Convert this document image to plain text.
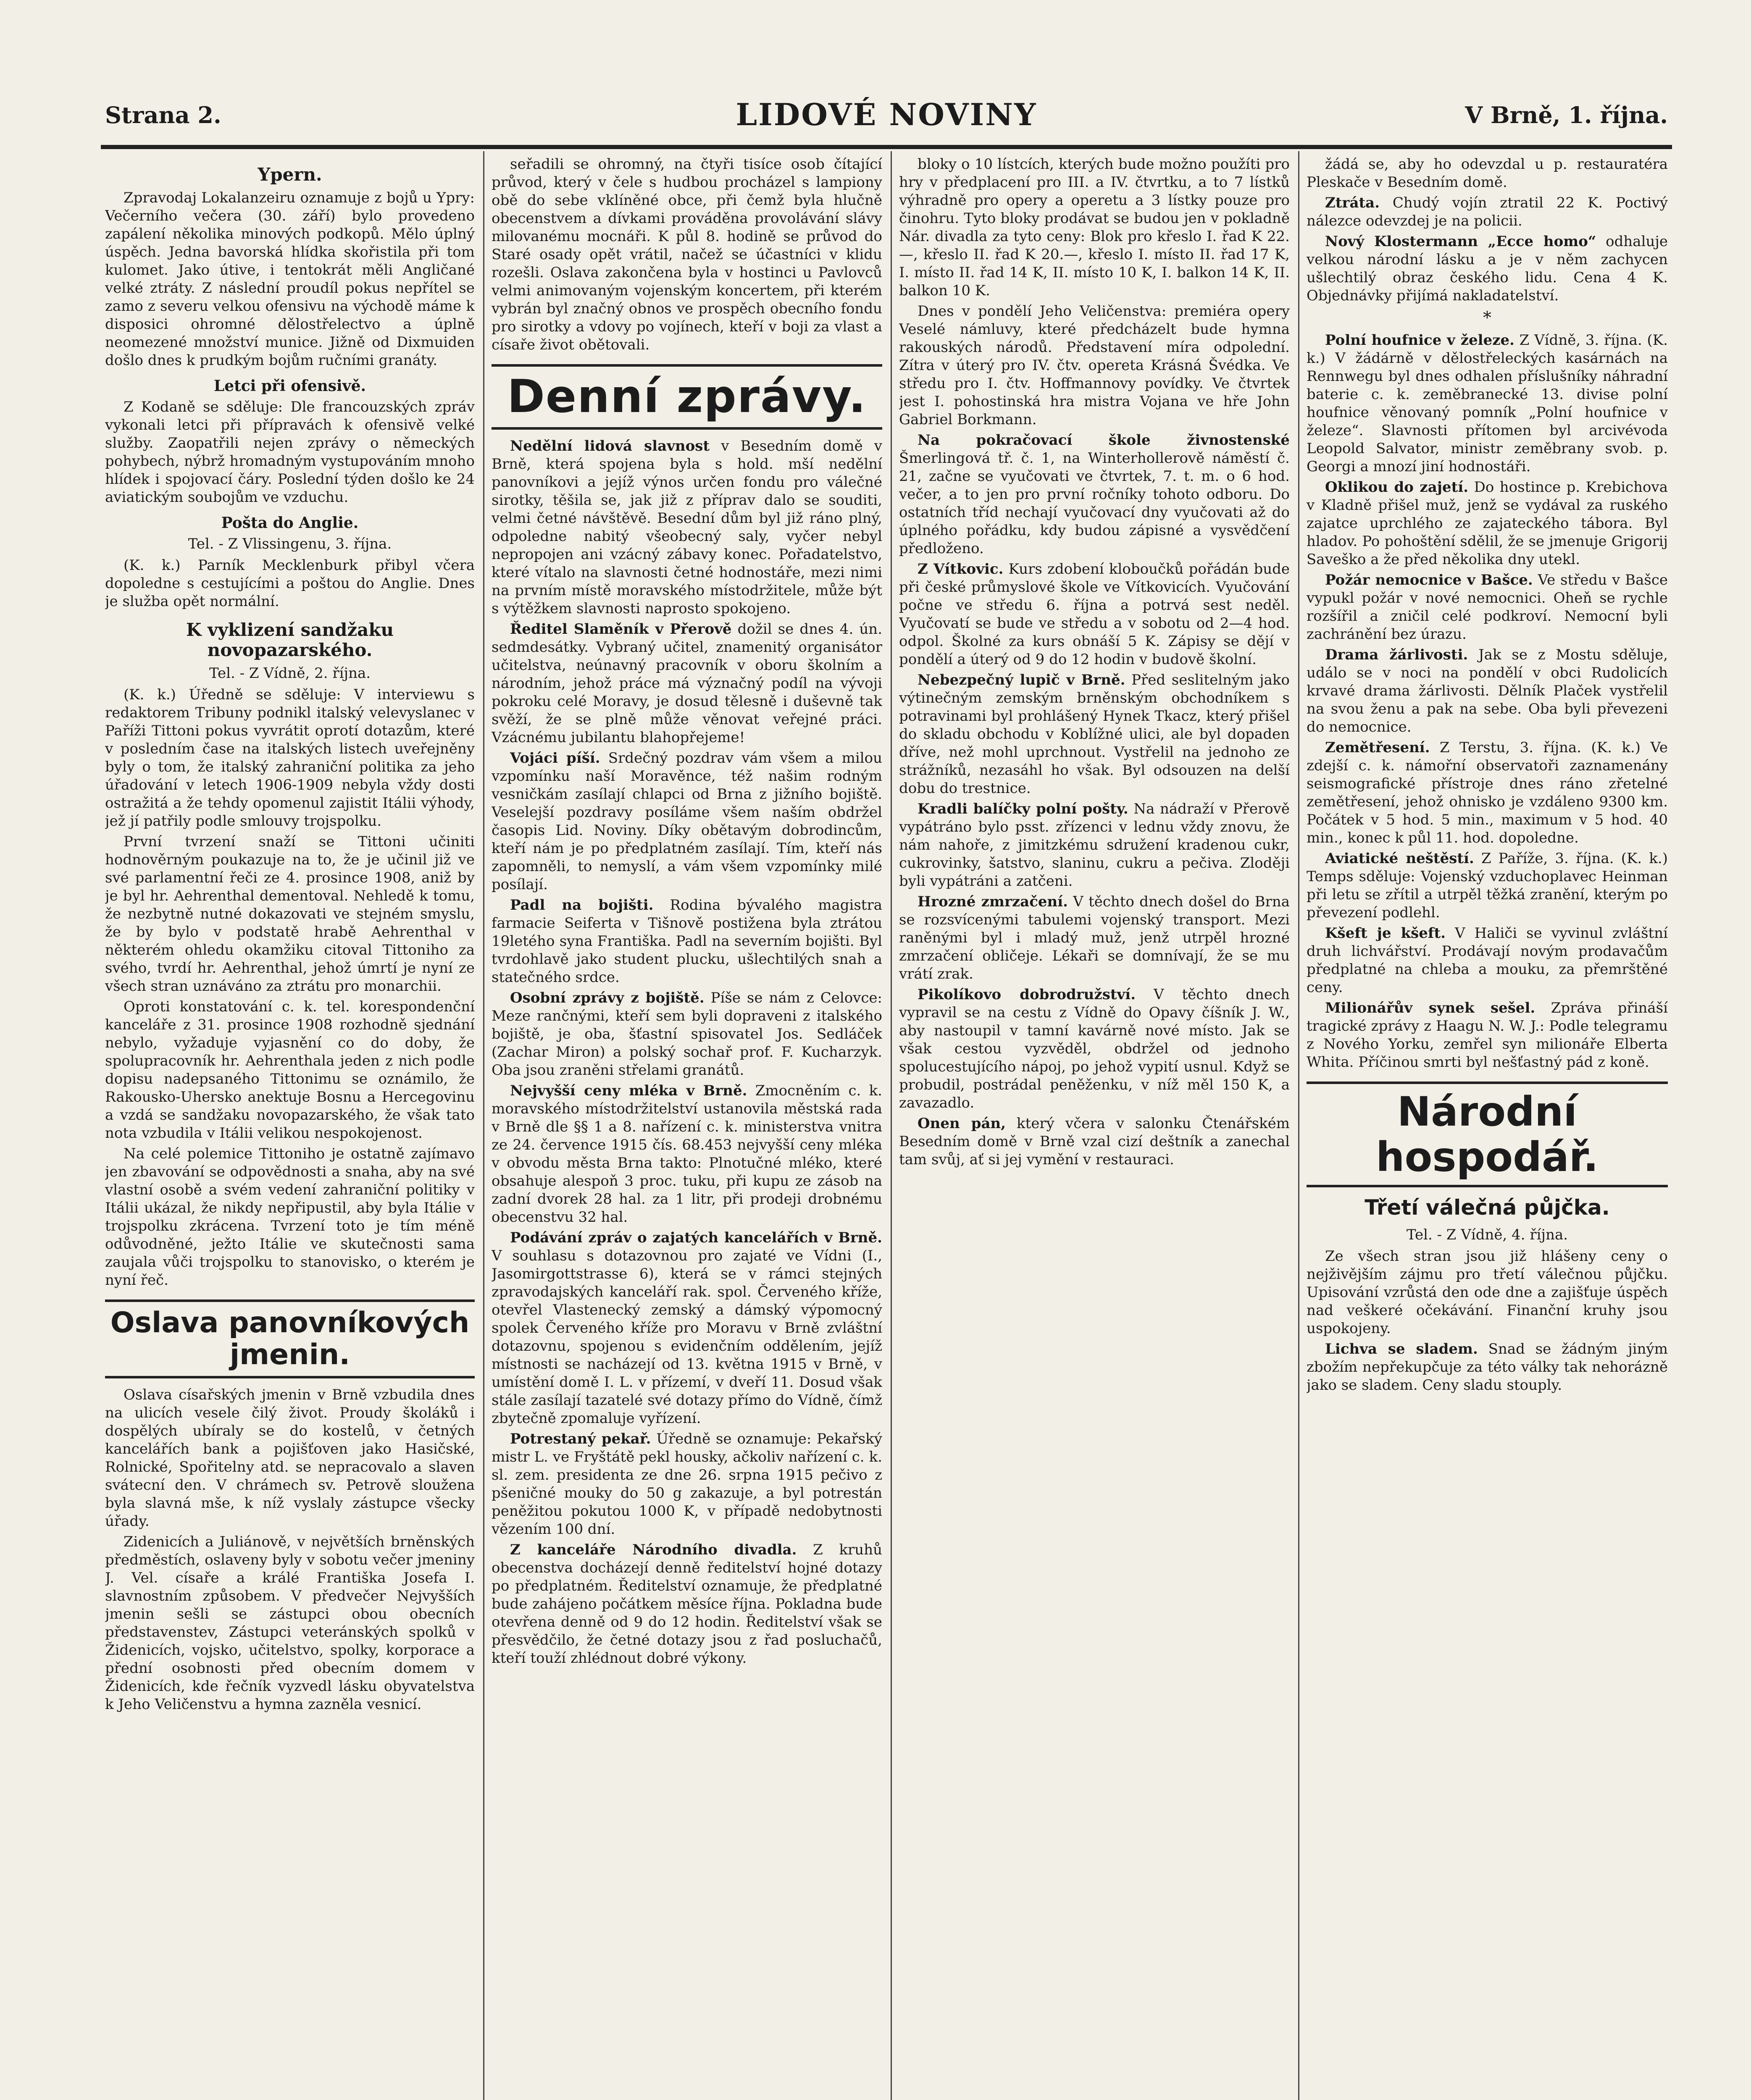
Strana 2.	LIDOVÉ NOVINY	V Brně, 1. října.
Ypern.

Zpravodaj Lokalanzeiru oznamuje z bojů u Ypry: Večerního večera (30. září) bylo provedeno zapálení několika minových podkopů. Mělo úplný úspěch. Jedna bavorská hlídka skořistila při tom kulomet. Jako útive, i tentokrát měli Angličané velké ztráty. Z následní proudíl pokus nepřítel se zamo z severu velkou ofensivu na východě máme k disposici ohromné dělostřelectvo a úplně neomezené množství munice. Jižně od Dixmuiden došlo dnes k prudkým bojům ručními granáty.

Letci při ofensivě.

Z Kodaně se sděluje: Dle francouzských zpráv vykonali letci při přípravách k ofensivě velké služby. Zaopatřili nejen zprávy o německých pohybech, nýbrž hromadným vystupováním mnoho hlídek i spojovací čáry. Poslední týden došlo ke 24 aviatickým soubojům ve vzduchu.

Pošta do Anglie.
Tel. - Z Vlissingenu, 3. října.

(K. k.) Parník Mecklenburk přibyl včera dopoledne s cestujícími a poštou do Anglie. Dnes je služba opět normální.

K vyklizení sandžaku novopazarského.
Tel. - Z Vídně, 2. října.

(K. k.) Úředně se sděluje: V interviewu s redaktorem Tribuny podnikl italský velevyslanec v Paříži Tittoni pokus vyvrátit oprotí dotazům, které v posledním čase na italských listech uveřejněny byly o tom, že italský zahraniční politika za jeho úřadování v letech 1906-1909 nebyla vždy dosti ostražitá a že tehdy opomenul zajistit Itálii výhody, jež jí patřily podle smlouvy trojspolku.

První tvrzení snaží se Tittoni učiniti hodnověrným poukazuje na to, že je učinil již ve své parlamentní řeči ze 4. prosince 1908, aniž by je byl hr. Aehrenthal dementoval. Nehledě k tomu, že nezbytně nutné dokazovati ve stejném smyslu, že by bylo v podstatě hrabě Aehrenthal v některém ohledu okamžiku citoval Tittoniho za svého, tvrdí hr. Aehrenthal, jehož úmrtí je nyní ze všech stran uznáváno za ztrátu pro monarchii.

Oproti konstatování c. k. tel. korespondenční kanceláře z 31. prosince 1908 rozhodně sjednání nebylo, vyžaduje vyjasnění co do doby, že spolupracovník hr. Aehrenthala jeden z nich podle dopisu nadepsaného Tittonimu se oznámilo, že Rakousko-Uhersko anektuje Bosnu a Hercegovinu a vzdá se sandžaku novopazarského, že však tato nota vzbudila v Itálii velikou nespokojenost.

Na celé polemice Tittoniho je ostatně zajímavo jen zbavování se odpovědnosti a snaha, aby na své vlastní osobě a svém vedení zahraniční politiky v Itálii ukázal, že nikdy nepřipustil, aby byla Itálie v trojspolku zkrácena. Tvrzení toto je tím méně odůvodněné, ježto Itálie ve skutečnosti sama zaujala vůči trojspolku to stanovisko, o kterém je nyní řeč.

Oslava panovníkových jmenin.

Oslava císařských jmenin v Brně vzbudila dnes na ulicích vesele čilý život. Proudy školáků i dospělých ubíraly se do kostelů, v četných kancelářích bank a pojišťoven jako Hasičské, Rolnické, Spořitelny atd. se nepracovalo a slaven svátecní den. V chrámech sv. Petrově sloužena byla slavná mše, k níž vyslaly zástupce všecky úřady.

Zidenicích a Juliánově, v největších brněnských předměstích, oslaveny byly v sobotu večer jmeniny J. Vel. císaře a králé Františka Josefa I. slavnostním způsobem. V předvečer Nejvyšších jmenin sešli se zástupci obou obecních představenstev, Zástupci veteránských spolků v Židenicích, vojsko, učitelstvo, spolky, korporace a přední osobnosti před obecním domem v Židenicích, kde řečník vyzvedl lásku obyvatelstva k Jeho Veličenstvu a hymna zazněla vesnicí.

seřadili se ohromný, na čtyři tisíce osob čítající průvod, který v čele s hudbou procházel s lampiony obě do sebe vklíněné obce, při čemž byla hlučně obecenstvem a dívkami prováděna provolávání slávy milovanému mocnáři. K půl 8. hodině se průvod do Staré osady opět vrátil, načež se účastníci v klidu rozešli. Oslava zakončena byla v hostinci u Pavlovců velmi animovaným vojenským koncertem, při kterém vybrán byl značný obnos ve prospěch obecního fondu pro sirotky a vdovy po vojínech, kteří v boji za vlast a císaře život obětovali.

Denní zprávy.

Nedělní lidová slavnost v Besedním domě v Brně, která spojena byla s hold. mší nedělní panovníkovi a jejíž výnos určen fondu pro válečné sirotky, těšila se, jak již z příprav dalo se souditi, velmi četné návštěvě. Besední dům byl již ráno plný, odpoledne nabitý všeobecný saly, vyčer nebyl nepropojen ani vzácný zábavy konec. Pořadatelstvo, které vítalo na slavnosti četné hodnostáře, mezi nimi na prvním místě moravského místodržitele, může být s výtěžkem slavnosti naprosto spokojeno.

Ředitel Slaměník v Přerově dožil se dnes 4. ún. sedmdesátky. Vybraný učitel, znamenitý organisátor učitelstva, neúnavný pracovník v oboru školním a národním, jehož práce má význačný podíl na vývoji pokroku celé Moravy, je dosud tělesně i duševně tak svěží, že se plně může věnovat veřejné práci. Vzácnému jubilantu blahopřejeme!

Vojáci píší. Srdečný pozdrav vám všem a milou vzpomínku naší Moravěnce, též našim rodným vesničkám zasílají chlapci od Brna z jižního bojiště. Veselejší pozdravy posíláme všem naším obdržel časopis Lid. Noviny. Díky obětavým dobrodincům, kteří nám je po předplatném zasílají. Tím, kteří nás zapomněli, to nemyslí, a vám všem vzpomínky milé posílají.

Padl na bojišti. Rodina bývalého magistra farmacie Seiferta v Tišnově postižena byla ztrátou 19letého syna Františka. Padl na severním bojišti. Byl tvrdohlavě jako student plucku, ušlechtilých snah a statečného srdce.

Osobní zprávy z bojiště. Píše se nám z Celovce: Meze rančnými, kteří sem byli dopraveni z italského bojiště, je oba, šťastní spisovatel Jos. Sedláček (Zachar Miron) a polský sochař prof. F. Kucharzyk. Oba jsou zraněni střelami granátů.

Nejvyšší ceny mléka v Brně. Zmocněním c. k. moravského místodržitelství ustanovila městská rada v Brně dle §§ 1 a 8. nařízení c. k. ministerstva vnitra ze 24. července 1915 čís. 68.453 nejvyšší ceny mléka v obvodu města Brna takto: Plnotučné mléko, které obsahuje alespoň 3 proc. tuku, při kupu ze zásob na zadní dvorek 28 hal. za 1 litr, při prodeji drobnému obecenstvu 32 hal.

Podávání zpráv o zajatých kancelářích v Brně. V souhlasu s dotazovnou pro zajaté ve Vídni (I., Jasomirgottstrasse 6), která se v rámci stejných zpravodajských kanceláří rak. spol. Červeného kříže, otevřel Vlastenecký zemský a dámský výpomocný spolek Červeného kříže pro Moravu v Brně zvláštní dotazovnu, spojenou s evidenčním oddělením, jejíž místnosti se nacházejí od 13. května 1915 v Brně, v umístění domě I. L. v přízemí, v dveří 11. Dosud však stále zasílají tazatelé své dotazy přímo do Vídně, čímž zbytečně zpomaluje vyřízení.

Potrestaný pekař. Úředně se oznamuje: Pekařský mistr L. ve Fryštátě pekl housky, ačkoliv nařízení c. k. sl. zem. presidenta ze dne 26. srpna 1915 pečivo z pšeničné mouky do 50 g zakazuje, a byl potrestán peněžitou pokutou 1000 K, v případě nedobytnosti vězením 100 dní.

Z kanceláře Národního divadla. Z kruhů obecenstva docházejí denně ředitelství hojné dotazy po předplatném. Ředitelství oznamuje, že předplatné bude zahájeno počátkem měsíce října. Pokladna bude otevřena denně od 9 do 12 hodin. Ředitelství však se přesvědčilo, že četné dotazy jsou z řad posluchačů, kteří touží zhlédnout dobré výkony.

bloky o 10 lístcích, kterých bude možno použíti pro hry v předplacení pro III. a IV. čtvrtku, a to 7 lístků výhradně pro opery a operetu a 3 lístky pouze pro činohru. Tyto bloky prodávat se budou jen v pokladně Nár. divadla za tyto ceny: Blok pro křeslo I. řad K 22.—, křeslo II. řad K 20.—, křeslo I. místo II. řad 17 K, I. místo II. řad 14 K, II. místo 10 K, I. balkon 14 K, II. balkon 10 K.

Dnes v pondělí Jeho Veličenstva: premiéra opery Veselé námluvy, které předcházelt bude hymna rakouských národů. Představení míra odpolední. Zítra v úterý pro IV. čtv. opereta Krásná Švédka. Ve středu pro I. čtv. Hoffmannovy povídky. Ve čtvrtek jest I. pohostinská hra mistra Vojana ve hře John Gabriel Borkmann.

Na pokračovací škole živnostenské Šmerlingová tř. č. 1, na Winterhollerově náměstí č. 21, začne se vyučovati ve čtvrtek, 7. t. m. o 6 hod. večer, a to jen pro první ročníky tohoto odboru. Do ostatních tříd nechají vyučovací dny vyučovati až do úplného pořádku, kdy budou zápisné a vysvědčení předloženo.

Z Vítkovic. Kurs zdobení kloboučků pořádán bude při české průmyslové škole ve Vítkovicích. Vyučování počne ve středu 6. října a potrvá sest neděl. Vyučovatí se bude ve středu a v sobotu od 2—4 hod. odpol. Školné za kurs obnáší 5 K. Zápisy se dějí v pondělí a úterý od 9 do 12 hodin v budově školní.

Nebezpečný lupič v Brně. Před seslitelným jako výtinečným zemským brněnským obchodníkem s potravinami byl prohlášený Hynek Tkacz, který přišel do skladu obchodu v Koblížné ulici, ale byl dopaden dříve, než mohl uprchnout. Vystřelil na jednoho ze strážníků, nezasáhl ho však. Byl odsouzen na delší dobu do trestnice.

Kradli balíčky polní pošty. Na nádraží v Přerově vypátráno bylo psst. zřízenci v lednu vždy znovu, že nám nahoře, z jimitzkému sdružení kradenou cukr, cukrovinky, šatstvo, slaninu, cukru a pečiva. Zloději byli vypátráni a zatčeni.

Hrozné zmrzačení. V těchto dnech došel do Brna se rozsvícenými tabulemi vojenský transport. Mezi raněnými byl i mladý muž, jenž utrpěl hrozné zmrzačení obličeje. Lékaři se domnívají, že se mu vrátí zrak.

Pikolíkovo dobrodružství. V těchto dnech vypravil se na cestu z Vídně do Opavy číšník J. W., aby nastoupil v tamní kavárně nové místo. Jak se však cestou vyzvěděl, obdržel od jednoho spolucestujícího nápoj, po jehož vypití usnul. Když se probudil, postrádal peněženku, v níž měl 150 K, a zavazadlo.

Onen pán, který včera v salonku Čtenářském Besedním domě v Brně vzal cizí deštník a zanechal tam svůj, ať si jej vymění v restauraci.

žádá se, aby ho odevzdal u p. restauratéra Pleskače v Besedním domě.

Ztráta. Chudý vojín ztratil 22 K. Poctivý nálezce odevzdej je na policii.

Nový Klostermann „Ecce homo“ odhaluje velkou národní lásku a je v něm zachycen ušlechtilý obraz českého lidu. Cena 4 K. Objednávky přijímá nakladatelství.

*

Polní houfnice v železe. Z Vídně, 3. října. (K. k.) V žádárně v dělostřeleckých kasárnách na Rennwegu byl dnes odhalen příslušníky náhradní baterie c. k. zeměbranecké 13. divise polní houfnice věnovaný pomník „Polní houfnice v železe“. Slavnosti přítomen byl arcivévoda Leopold Salvator, ministr zeměbrany svob. p. Georgi a mnozí jiní hodnostáři.

Oklikou do zajetí. Do hostince p. Krebichova v Kladně přišel muž, jenž se vydával za ruského zajatce uprchlého ze zajateckého tábora. Byl hladov. Po pohoštění sdělil, že se jmenuje Grigorij Saveško a že před několika dny utekl.

Požár nemocnice v Bašce. Ve středu v Bašce vypukl požár v nové nemocnici. Oheň se rychle rozšířil a zničil celé podkroví. Nemocní byli zachránění bez úrazu.

Drama žárlivosti. Jak se z Mostu sděluje, událo se v noci na pondělí v obci Rudolicích krvavé drama žárlivosti. Dělník Plaček vystřelil na svou ženu a pak na sebe. Oba byli převezeni do nemocnice.

Zemětřesení. Z Terstu, 3. října. (K. k.) Ve zdejší c. k. námořní observatoři zaznamenány seismografické přístroje dnes ráno zřetelné zemětřesení, jehož ohnisko je vzdáleno 9300 km. Počátek v 5 hod. 5 min., maximum v 5 hod. 40 min., konec k půl 11. hod. dopoledne.

Aviatické neštěstí. Z Paříže, 3. října. (K. k.) Temps sděluje: Vojenský vzduchoplavec Heinman při letu se zřítil a utrpěl těžká zranění, kterým po převezení podlehl.

Kšeft je kšeft. V Haliči se vyvinul zvláštní druh lichvářství. Prodávají novým prodavačům předplatné na chleba a mouku, za přemrštěné ceny.

Milionářův synek sešel. Zpráva přináší tragické zprávy z Haagu N. W. J.: Podle telegramu z Nového Yorku, zemřel syn milionáře Elberta Whita. Příčinou smrti byl nešťastný pád z koně.

Národní hospodář.
Třetí válečná půjčka.
Tel. - Z Vídně, 4. října.

Ze všech stran jsou již hlášeny ceny o nejživějším zájmu pro třetí válečnou půjčku. Upisování vzrůstá den ode dne a zajišťuje úspěch nad veškeré očekávání. Finanční kruhy jsou uspokojeny.

Lichva se sladem. Snad se žádným jiným zbožím nepřekupčuje za této války tak nehorázně jako se sladem. Ceny sladu stouply.
